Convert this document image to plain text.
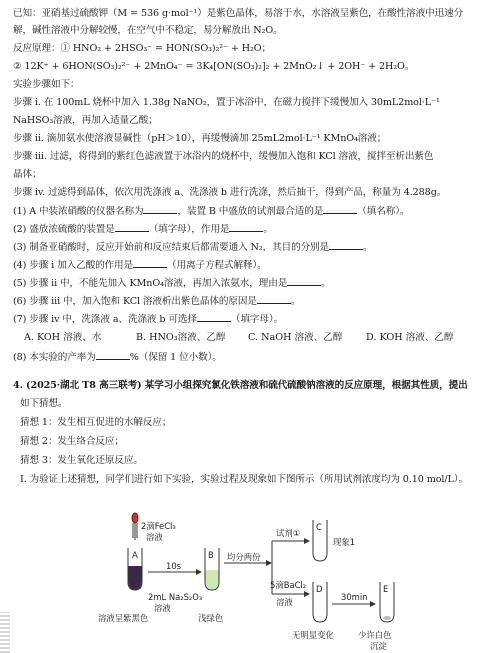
已知：亚硝基过硫酸钾（M = 536 g·mol⁻¹）是紫色晶体，易溶于水，水溶液呈紫色，在酸性溶液中迅速分
解，碱性溶液中分解较慢，在空气中不稳定，易分解放出 N₂O。
反应原理：① HNO₂ + 2HSO₃⁻ = HON(SO₃)₂²⁻ + H₂O；
② 12K⁺ + 6HON(SO₃)₂²⁻ + 2MnO₄⁻ = 3K₄[ON(SO₃)₂]₂ + 2MnO₂↓ + 2OH⁻ + 2H₂O。
实验步骤如下：
步骤 i. 在 100mL 烧杯中加入 1.38g NaNO₂，置于冰浴中，在磁力搅拌下缓慢加入 30mL2mol·L⁻¹
NaHSO₃溶液，再加入适量乙酸；
步骤 ii. 滴加氨水使溶液显碱性（pH＞10），再缓慢滴加 25mL2mol·L⁻¹ KMnO₄溶液；
步骤 iii. 过滤，将得到的紫红色滤液置于冰浴内的烧杯中，缓慢加入饱和 KCl 溶液，搅拌至析出紫色
晶体；
步骤 iv. 过滤得到晶体，依次用洗涤液 a、洗涤液 b 进行洗涤，然后抽干，得到产品，称量为 4.288g。
(1) A 中装浓硝酸的仪器名称为	，装置 B 中盛放的试剂最合适的是	（填名称）。
(2) 盛放浓硫酸的装置是	（填字母），作用是	。
(3) 制备亚硝酸时，反应开始前和反应结束后都需要通入 N₂，其目的分别是	。
(4) 步骤 i 加入乙酸的作用是	（用离子方程式解释）。
(5) 步骤 ii 中，不能先加入 KMnO₄溶液，再加入浓氨水，理由是	。
(6) 步骤 iii 中，加入饱和 KCl 溶液析出紫色晶体的原因是	。
(7) 步骤 iv 中，洗涤液 a、洗涤液 b 可选择	（填字母）。
A. KOH 溶液、水	B. HNO₃溶液、乙醇 C. NaOH 溶液、乙醇 D. KOH 溶液、乙醇
(8) 本实验的产率为	%（保留 1 位小数）。
4. (2025·湖北 T8 高三联考) 某学习小组探究氯化铁溶液和硫代硫酸钠溶液的反应原理，根据其性质，提出
如下猜想。
猜想 1：发生相互促进的水解反应；
猜想 2：发生络合反应；
猜想 3：发生氧化还原反应。
I. 为验证上述猜想，同学们进行如下实验，实验过程及现象如下图所示（所用试剂浓度均为 0.10 mol/L）。
2滴FeCl₃
溶液
A
10s
2mL Na₂S₂O₃
溶液
溶液呈紫黑色
B
浅绿色
均分两份
试剂①
C
现象1
5滴BaCl₂
溶液
D
30min
E
无明显变化	少许白色
沉淀
